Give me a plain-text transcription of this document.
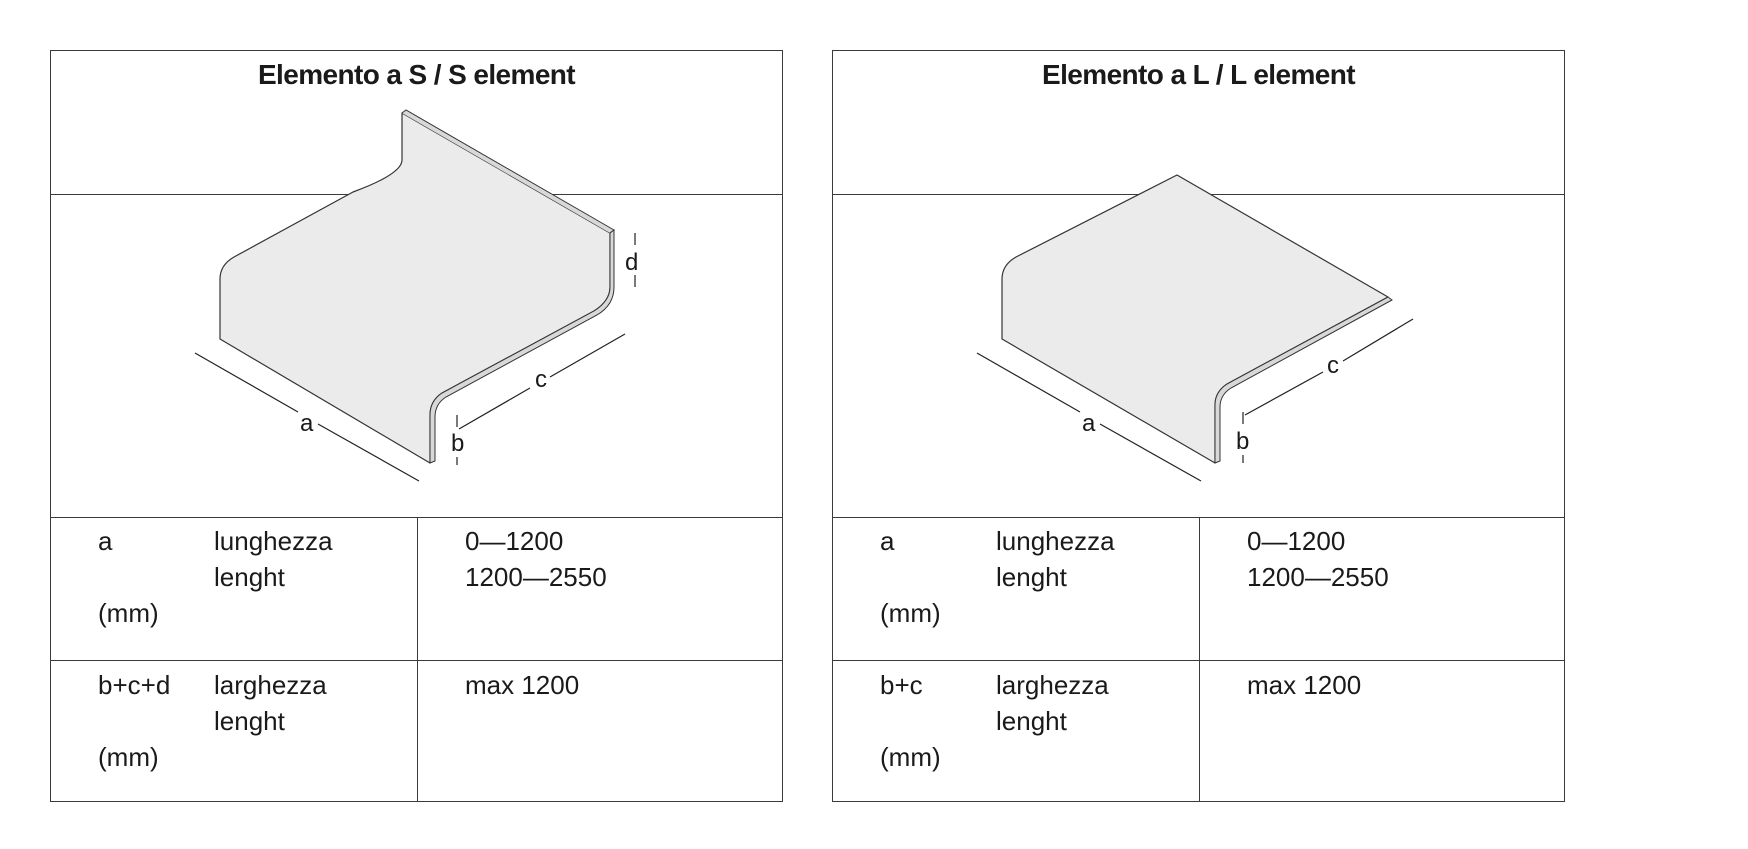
Elemento a S / S element
a
c
b
d
a
(mm)
lunghezza
lenght
0—1200
1200—2550
b+c+d
(mm)
larghezza
lenght
max 1200
Elemento a L / L element
a
c
b
a
(mm)
lunghezza
lenght
0—1200
1200—2550
b+c
(mm)
larghezza
lenght
max 1200
